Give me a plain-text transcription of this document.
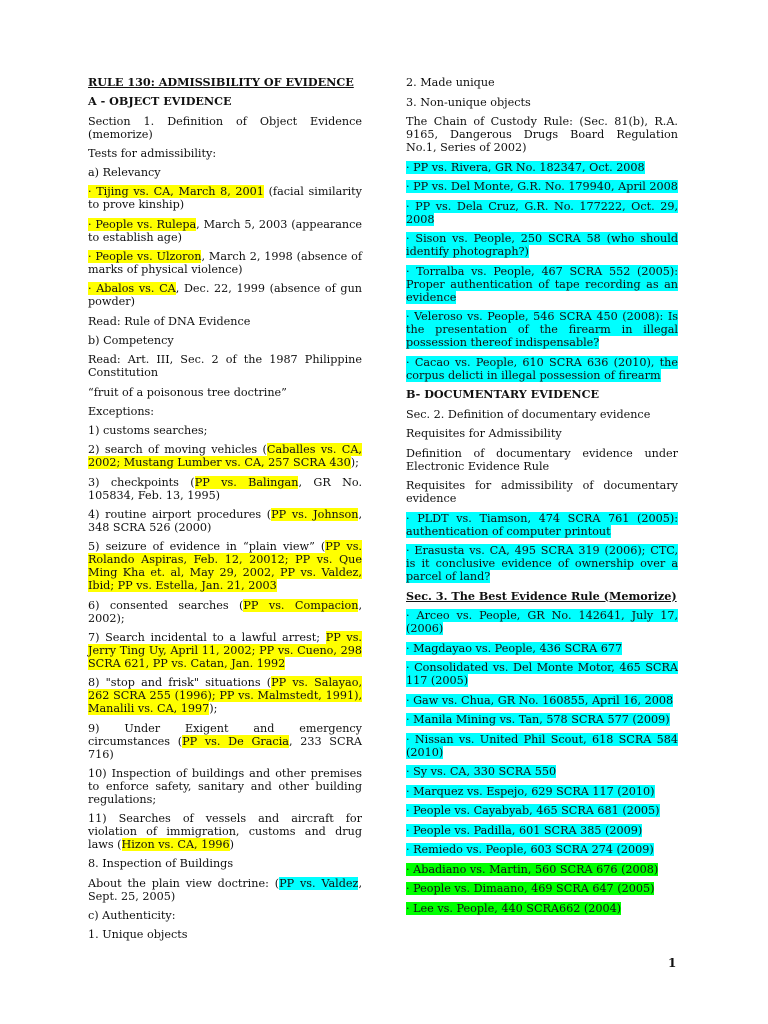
RULE 130: ADMISSIBILITY OF EVIDENCE

A - OBJECT EVIDENCE

Section 1. Definition of Object Evidence (memorize)

Tests for admissibility:

a) Relevancy

· Tijing vs. CA, March 8, 2001 (facial similarity to prove kinship)

· People vs. Rulepa, March 5, 2003 (appearance to establish age)

· People vs. Ulzoron, March 2, 1998 (absence of marks of physical violence)

· Abalos vs. CA, Dec. 22, 1999 (absence of gun powder)

Read: Rule of DNA Evidence

b) Competency

Read: Art. III, Sec. 2 of the 1987 Philippine Constitution

“fruit of a poisonous tree doctrine”

Exceptions:

1) customs searches;

2) search of moving vehicles (Caballes vs. CA, 2002; Mustang Lumber vs. CA, 257 SCRA 430);

3) checkpoints (PP vs. Balingan, GR No. 105834, Feb. 13, 1995)

4) routine airport procedures (PP vs. Johnson, 348 SCRA 526 (2000)

5) seizure of evidence in “plain view” (PP vs. Rolando Aspiras, Feb. 12, 20012; PP vs. Que Ming Kha et. al, May 29, 2002, PP vs. Valdez, Ibid; PP vs. Estella, Jan. 21, 2003

6) consented searches (PP vs. Compacion, 2002);

7) Search incidental to a lawful arrest; PP vs. Jerry Ting Uy, April 11, 2002; PP vs. Cueno, 298 SCRA 621, PP vs. Catan, Jan. 1992

8) "stop and frisk" situations (PP vs. Salayao, 262 SCRA 255 (1996); PP vs. Malmstedt, 1991), Manalili vs. CA, 1997);

9) Under Exigent and emergency circumstances (PP vs. De Gracia, 233 SCRA 716)

10) Inspection of buildings and other premises to enforce safety, sanitary and other building regulations;

11) Searches of vessels and aircraft for violation of immigration, customs and drug laws (Hizon vs. CA, 1996)

8. Inspection of Buildings

About the plain view doctrine: (PP vs. Valdez, Sept. 25, 2005)

c) Authenticity:

1. Unique objects

2. Made unique

3. Non-unique objects

The Chain of Custody Rule: (Sec. 81(b), R.A. 9165, Dangerous Drugs Board Regulation No.1, Series of 2002)

· PP vs. Rivera, GR No. 182347, Oct. 2008

· PP vs. Del Monte, G.R. No. 179940, April 2008

· PP vs. Dela Cruz, G.R. No. 177222, Oct. 29, 2008

· Sison vs. People, 250 SCRA 58 (who should identify photograph?)

· Torralba vs. People, 467 SCRA 552 (2005): Proper authentication of tape recording as an evidence

· Veleroso vs. People, 546 SCRA 450 (2008): Is the presentation of the firearm in illegal possession thereof indispensable?

· Cacao vs. People, 610 SCRA 636 (2010), the corpus delicti in illegal possession of firearm

B- DOCUMENTARY EVIDENCE

Sec. 2. Definition of documentary evidence

Requisites for Admissibility

Definition of documentary evidence under Electronic Evidence Rule

Requisites for admissibility of documentary evidence

· PLDT vs. Tiamson, 474 SCRA 761 (2005): authentication of computer printout

· Erasusta vs. CA, 495 SCRA 319 (2006); CTC, is it conclusive evidence of ownership over a parcel of land?

Sec. 3. The Best Evidence Rule (Memorize)

· Arceo vs. People, GR No. 142641, July 17, (2006)

· Magdayao vs. People, 436 SCRA 677

· Consolidated vs. Del Monte Motor, 465 SCRA 117 (2005)

· Gaw vs. Chua, GR No. 160855, April 16, 2008

· Manila Mining vs. Tan, 578 SCRA 577 (2009)

· Nissan vs. United Phil Scout, 618 SCRA 584 (2010)

· Sy vs. CA, 330 SCRA 550

· Marquez vs. Espejo, 629 SCRA 117 (2010)

· People vs. Cayabyab, 465 SCRA 681 (2005)

· People vs. Padilla, 601 SCRA 385 (2009)

· Remiedo vs. People, 603 SCRA 274 (2009)

· Abadiano vs. Martin, 560 SCRA 676 (2008)

· People vs. Dimaano, 469 SCRA 647 (2005)

· Lee vs. People, 440 SCRA662 (2004)

1
